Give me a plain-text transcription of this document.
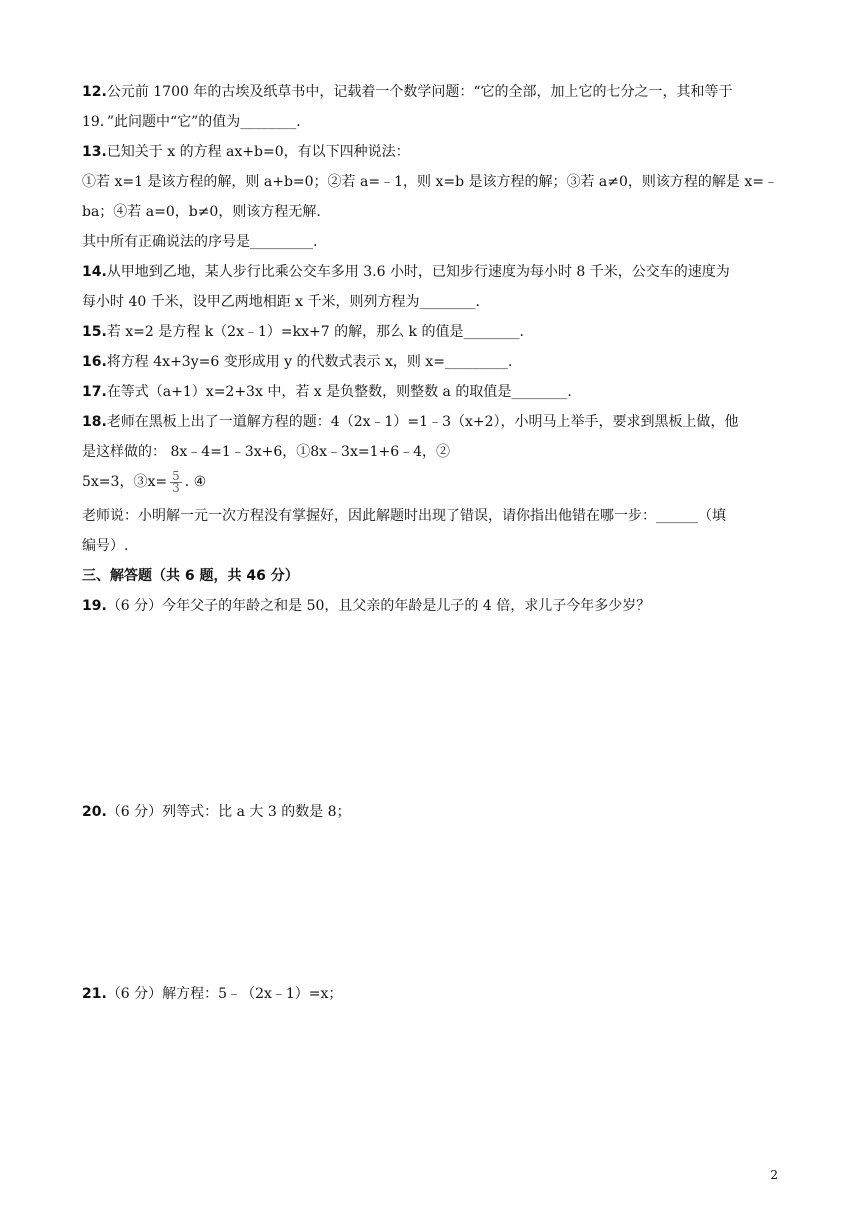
12.公元前 1700 年的古埃及纸草书中，记载着一个数学问题：“它的全部，加上它的七分之一，其和等于
19．”此问题中“它”的值为________.
13.已知关于 x 的方程 ax+b=0，有以下四种说法：
①若 x=1 是该方程的解，则 a+b=0；②若 a=﹣1，则 x=b 是该方程的解；③若 a≠0，则该方程的解是 x=﹣
ba；④若 a=0，b≠0，则该方程无解.
其中所有正确说法的序号是_________.
14.从甲地到乙地，某人步行比乘公交车多用 3.6 小时，已知步行速度为每小时 8 千米，公交车的速度为
每小时 40 千米，设甲乙两地相距 x 千米，则列方程为________.
15.若 x=2 是方程 k（2x﹣1）=kx+7 的解，那么 k 的值是________.
16.将方程 4x+3y=6 变形成用 y 的代数式表示 x，则 x=_________.
17.在等式（a+1）x=2+3x 中，若 x 是负整数，则整数 a 的取值是________.
18.老师在黑板上出了一道解方程的题：4（2x﹣1）=1﹣3（x+2），小明马上举手，要求到黑板上做，他
是这样做的： 8x﹣4=1﹣3x+6，①8x﹣3x=1+6﹣4，②
5x=3，③x= $\frac{5}{3}$ . ④
老师说：小明解一元一次方程没有掌握好，因此解题时出现了错误，请你指出他错在哪一步：______（填
编号）.
三、解答题（共 6 题，共 46 分）
19.（6 分）今年父子的年龄之和是 50，且父亲的年龄是儿子的 4 倍，求儿子今年多少岁？
20.（6 分）列等式：比 a 大 3 的数是 8；
21.（6 分）解方程：5﹣（2x﹣1）=x；
2
